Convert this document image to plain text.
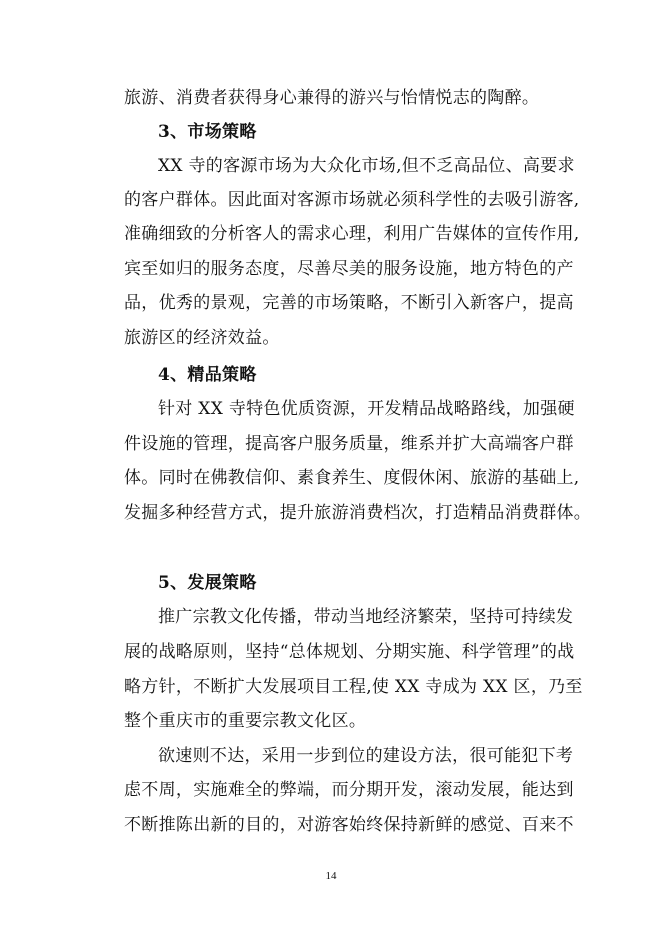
旅游、消费者获得身心兼得的游兴与怡情悦志的陶醉。
3、市场策略
XX 寺的客源市场为大众化市场,但不乏高品位、高要求
的客户群体。因此面对客源市场就必须科学性的去吸引游客,
准确细致的分析客人的需求心理，利用广告媒体的宣传作用,
宾至如归的服务态度，尽善尽美的服务设施，地方特色的产
品，优秀的景观，完善的市场策略，不断引入新客户，提高
旅游区的经济效益。
4、精品策略
针对 XX 寺特色优质资源，开发精品战略路线，加强硬
件设施的管理，提高客户服务质量，维系并扩大高端客户群
体。同时在佛教信仰、素食养生、度假休闲、旅游的基础上,
发掘多种经营方式，提升旅游消费档次，打造精品消费群体。
5、发展策略
推广宗教文化传播，带动当地经济繁荣，坚持可持续发
展的战略原则，坚持“总体规划、分期实施、科学管理”的战
略方针，不断扩大发展项目工程,使 XX 寺成为 XX 区，乃至
整个重庆市的重要宗教文化区。
欲速则不达，采用一步到位的建设方法，很可能犯下考
虑不周，实施难全的弊端，而分期开发，滚动发展，能达到
不断推陈出新的目的，对游客始终保持新鲜的感觉、百来不
14
